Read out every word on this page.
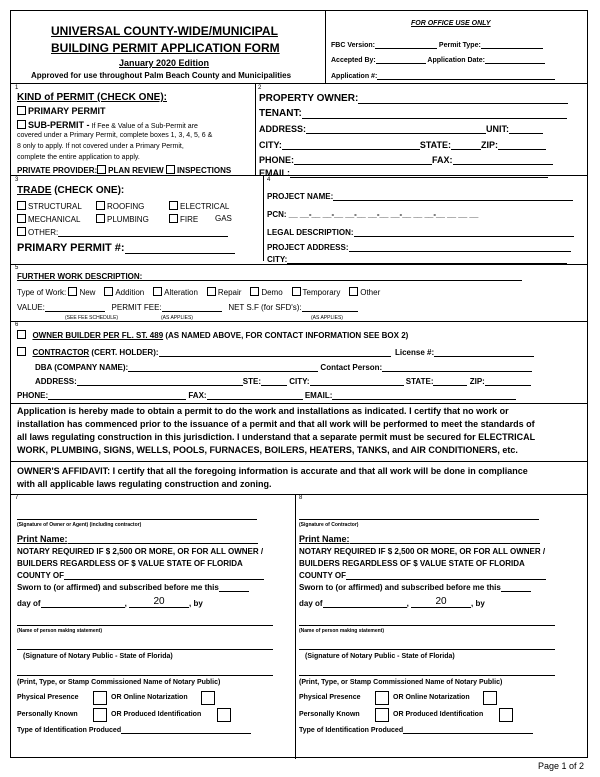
UNIVERSAL COUNTY-WIDE/MUNICIPAL
BUILDING PERMIT APPLICATION FORM
January 2020 Edition
Approved for use throughout Palm Beach County and Municipalities
FOR OFFICE USE ONLY
FBC Version:	Permit Type:
Accepted By:	Application Date:
Application #:
1
KIND of PERMIT (CHECK ONE):
PRIMARY PERMIT
SUB-PERMIT - If Fee & Value of a Sub-Permit are
covered under a Primary Permit, complete boxes 1, 3, 4, 5, 6 &
8 only to apply. If not covered under a Primary Permit,
complete the entire application to apply.
PRIVATE PROVIDER: PLAN REVIEW INSPECTIONS
2
PROPERTY OWNER:
TENANT:
ADDRESS:	UNIT:
CITY:	STATE:	ZIP:
PHONE:	FAX:
EMAIL:
3
TRADE (CHECK ONE):
STRUCTURAL	ROOFING	ELECTRICAL
MECHANICAL	PLUMBING	FIRE GAS
OTHER:
PRIMARY PERMIT #:
4
PROJECT NAME:
PCN: __ __-__ __-__ __-__ __-__ __-__ __ __-__ __ __ __
LEGAL DESCRIPTION:
PROJECT ADDRESS:
CITY:
5
FURTHER WORK DESCRIPTION:
Type of Work: New Addition Alteration Repair Demo Temporary Other
VALUE:	PERMIT FEE:	NET S.F (for SFD's):
(SEE FEE SCHEDULE)	(AS APPLIES)	(AS APPLIES)
6
OWNER BUILDER PER FL. ST. 489 (AS NAMED ABOVE, FOR CONTACT INFORMATION SEE BOX 2)
CONTRACTOR (CERT. HOLDER):	License #:
DBA (COMPANY NAME):	Contact Person:
ADDRESS:	STE:	CITY:	STATE:	ZIP:
PHONE:	FAX:	EMAIL:
Application is hereby made to obtain a permit to do the work and installations as indicated. I certify that no work or
installation has commenced prior to the issuance of a permit and that all work will be performed to meet the standards of
all laws regulating construction in this jurisdiction. I understand that a separate permit must be secured for ELECTRICAL
WORK, PLUMBING, SIGNS, WELLS, POOLS, FURNACES, BOILERS, HEATERS, TANKS, and AIR CONDITIONERS, etc.
OWNER'S AFFIDAVIT: I certify that all the foregoing information is accurate and that all work will be done in compliance
with all applicable laws regulating construction and zoning.
7
(Signature of Owner or Agent) (including contractor)
Print Name:
NOTARY REQUIRED IF $ 2,500 OR MORE, OR FOR ALL OWNER /
BUILDERS REGARDLESS OF $ VALUE STATE OF FLORIDA
COUNTY OF
Sworn to (or affirmed) and subscribed before me this
day of	, 20	, by
(Name of person making statement)
(Signature of Notary Public - State of Florida)
(Print, Type, or Stamp Commissioned Name of Notary Public)
Physical Presence	OR Online Notarization
Personally Known	OR Produced Identification
Type of Identification Produced
8
(Signature of Contractor)
Print Name:
NOTARY REQUIRED IF $ 2,500 OR MORE, OR FOR ALL OWNER /
BUILDERS REGARDLESS OF $ VALUE STATE OF FLORIDA
COUNTY OF
Sworn to (or affirmed) and subscribed before me this
day of	, 20	, by
(Name of person making statement)
(Signature of Notary Public - State of Florida)
(Print, Type, or Stamp Commissioned Name of Notary Public)
Physical Presence	OR Online Notarization
Personally Known	OR Produced Identification
Type of Identification Produced
Page 1 of 2
